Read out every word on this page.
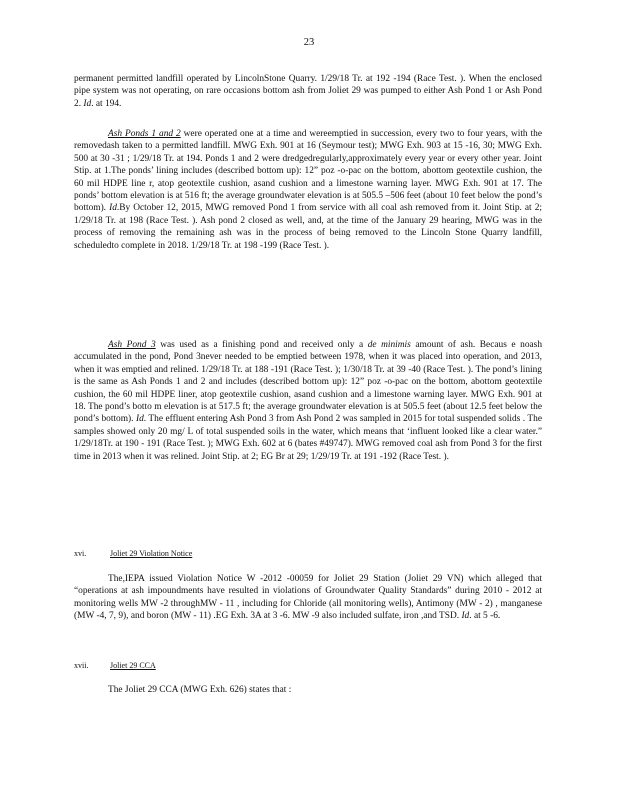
23

permanent permitted landfill operated by LincolnStone Quarry. 1/29/18 Tr. at 192 -194 (Race Test. ). When the enclosed pipe system was not operating, on rare occasions bottom ash from Joliet 29 was pumped to either Ash Pond 1 or Ash Pond 2. Id. at 194.

Ash Ponds 1 and 2 were operated one at a time and wereemptied in succession, every two to four years, with the removedash taken to a permitted landfill. MWG Exh. 901 at 16 (Seymour test); MWG Exh. 903 at 15 -16, 30; MWG Exh. 500 at 30 -31 ; 1/29/18 Tr. at 194. Ponds 1 and 2 were dredgedregularly,approximately every year or every other year. Joint Stip. at 1.The ponds’ lining includes (described bottom up): 12” poz -o-pac on the bottom, abottom geotextile cushion, the 60 mil HDPE line r, atop geotextile cushion, asand cushion and a limestone warning layer. MWG Exh. 901 at 17. The ponds’ bottom elevation is at 516 ft; the average groundwater elevation is at 505.5 –506 feet (about 10 feet below the pond’s bottom). Id.By October 12, 2015, MWG removed Pond 1 from service with all coal ash removed from it. Joint Stip. at 2; 1/29/18 Tr. at 198 (Race Test. ). Ash pond 2 closed as well, and, at the time of the January 29 hearing, MWG was in the process of removing the remaining ash was in the process of being removed to the Lincoln Stone Quarry landfill, scheduledto complete in 2018. 1/29/18 Tr. at 198 -199 (Race Test. ).

Ash Pond 3 was used as a finishing pond and received only a de minimis amount of ash. Becaus e noash accumulated in the pond, Pond 3never needed to be emptied between 1978, when it was placed into operation, and 2013, when it was emptied and relined. 1/29/18 Tr. at 188 -191 (Race Test. ); 1/30/18 Tr. at 39 -40 (Race Test. ). The pond’s lining is the same as Ash Ponds 1 and 2 and includes (described bottom up): 12” poz -o-pac on the bottom, abottom geotextile cushion, the 60 mil HDPE liner, atop geotextile cushion, asand cushion and a limestone warning layer. MWG Exh. 901 at 18. The pond’s botto m elevation is at 517.5 ft; the average groundwater elevation is at 505.5 feet (about 12.5 feet below the pond’s bottom). Id. The effluent entering Ash Pond 3 from Ash Pond 2 was sampled in 2015 for total suspended solids . The samples showed only 20 mg/ L of total suspended soils in the water, which means that ‘influent looked like a clear water.” 1/29/18Tr. at 190 - 191 (Race Test. ); MWG Exh. 602 at 6 (bates #49747). MWG removed coal ash from Pond 3 for the first time in 2013 when it was relined. Joint Stip. at 2; EG Br at 29; 1/29/19 Tr. at 191 -192 (Race Test. ).

xvi.	Joliet 29 Violation Notice

The,IEPA issued Violation Notice W -2012 -00059 for Joliet 29 Station (Joliet 29 VN) which alleged that “operations at ash impoundments have resulted in violations of Groundwater Quality Standards” during 2010 - 2012 at monitoring wells MW -2 throughMW - 11 , including for Chloride (all monitoring wells), Antimony (MW - 2) , manganese (MW -4, 7, 9), and boron (MW - 11) .EG Exh. 3A at 3 -6. MW -9 also included sulfate, iron ,and TSD. Id. at 5 -6.

xvii.	Joliet 29 CCA

The Joliet 29 CCA (MWG Exh. 626) states that :
